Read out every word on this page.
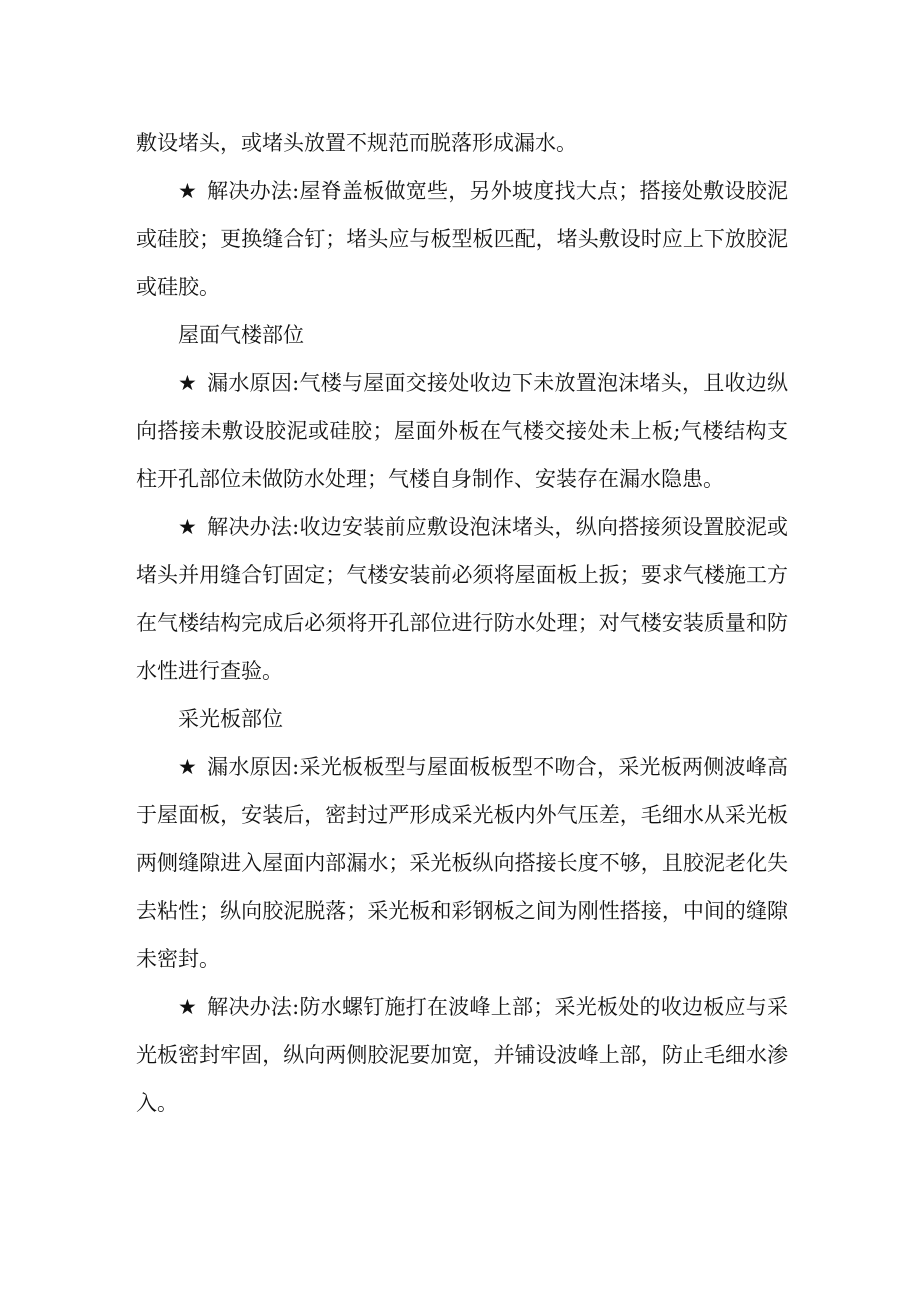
敷设堵头，或堵头放置不规范而脱落形成漏水。

★ 解决办法:屋脊盖板做宽些，另外坡度找大点；搭接处敷设胶泥或硅胶；更换缝合钉；堵头应与板型板匹配，堵头敷设时应上下放胶泥或硅胶。

屋面气楼部位

★ 漏水原因:气楼与屋面交接处收边下未放置泡沫堵头，且收边纵向搭接未敷设胶泥或硅胶；屋面外板在气楼交接处未上板;气楼结构支柱开孔部位未做防水处理；气楼自身制作、安装存在漏水隐患。

★ 解决办法:收边安装前应敷设泡沫堵头，纵向搭接须设置胶泥或堵头并用缝合钉固定；气楼安装前必须将屋面板上扳；要求气楼施工方在气楼结构完成后必须将开孔部位进行防水处理；对气楼安装质量和防水性进行查验。

采光板部位

★ 漏水原因:采光板板型与屋面板板型不吻合，采光板两侧波峰高于屋面板，安装后，密封过严形成采光板内外气压差，毛细水从采光板两侧缝隙进入屋面内部漏水；采光板纵向搭接长度不够，且胶泥老化失去粘性；纵向胶泥脱落；采光板和彩钢板之间为刚性搭接，中间的缝隙未密封。

★ 解决办法:防水螺钉施打在波峰上部；采光板处的收边板应与采光板密封牢固，纵向两侧胶泥要加宽，并铺设波峰上部，防止毛细水渗入。
